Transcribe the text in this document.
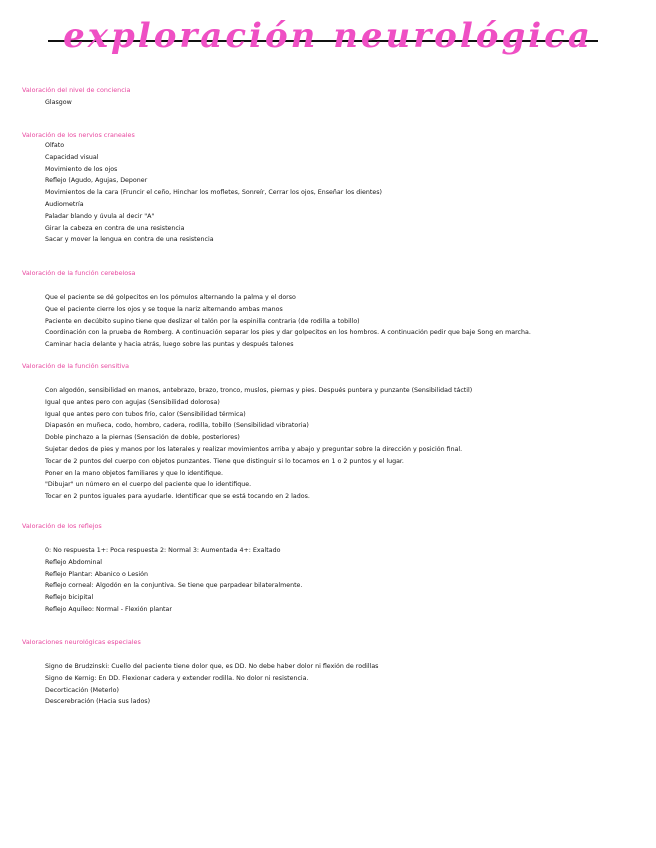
exploración neurológica
Valoración del nivel de conciencia
Glasgow
Valoración de los nervios craneales
Olfato
Capacidad visual
Movimiento de los ojos
Reflejo (Agudo, Agujas, Deponer
Movimientos de la cara (Fruncir el ceño, Hinchar los mofletes, Sonreír, Cerrar los ojos, Enseñar los dientes)
Audiometría
Paladar blando y úvula al decir "A"
Girar la cabeza en contra de una resistencia
Sacar y mover la lengua en contra de una resistencia
Valoración de la función cerebelosa
Que el paciente se dé golpecitos en los pómulos alternando la palma y el dorso
Que el paciente cierre los ojos y se toque la nariz alternando ambas manos
Paciente en decúbito supino tiene que deslizar el talón por la espinilla contraria (de rodilla a tobillo)
Coordinación con la prueba de Romberg. A continuación separar los pies y dar golpecitos en los hombros. A continuación pedir que baje Song en marcha.
Caminar hacia delante y hacia atrás, luego sobre las puntas y después talones
Valoración de la función sensitiva
Con algodón, sensibilidad en manos, antebrazo, brazo, tronco, muslos, piernas y pies. Después puntera y punzante (Sensibilidad táctil)
Igual que antes pero con agujas (Sensibilidad dolorosa)
Igual que antes pero con tubos frío, calor (Sensibilidad térmica)
Diapasón en muñeca, codo, hombro, cadera, rodilla, tobillo (Sensibilidad vibratoria)
Doble pinchazo a la piernas (Sensación de doble, posteriores)
Sujetar dedos de pies y manos por los laterales y realizar movimientos arriba y abajo y preguntar sobre la dirección y posición final.
Tocar de 2 puntos del cuerpo con objetos punzantes. Tiene que distinguir si lo tocamos en 1 o 2 puntos y el lugar.
Poner en la mano objetos familiares y que lo identifique.
"Dibujar" un número en el cuerpo del paciente que lo identifique.
Tocar en 2 puntos iguales para ayudarle. Identificar que se está tocando en 2 lados.
Valoración de los reflejos
0: No respuesta 1+: Poca respuesta 2: Normal 3: Aumentada 4+: Exaltado
Reflejo Abdominal
Reflejo Plantar: Abanico o Lesión
Reflejo corneal: Algodón en la conjuntiva. Se tiene que parpadear bilateralmente.
Reflejo bicipital
Reflejo Aquíleo: Normal - Flexión plantar
Valoraciones neurológicas especiales
Signo de Brudzinski: Cuello del paciente tiene dolor que, es DD. No debe haber dolor ni flexión de rodillas
Signo de Kernig: En DD. Flexionar cadera y extender rodilla. No dolor ni resistencia.
Decorticación (Meterlo)
Descerebración (Hacia sus lados)
